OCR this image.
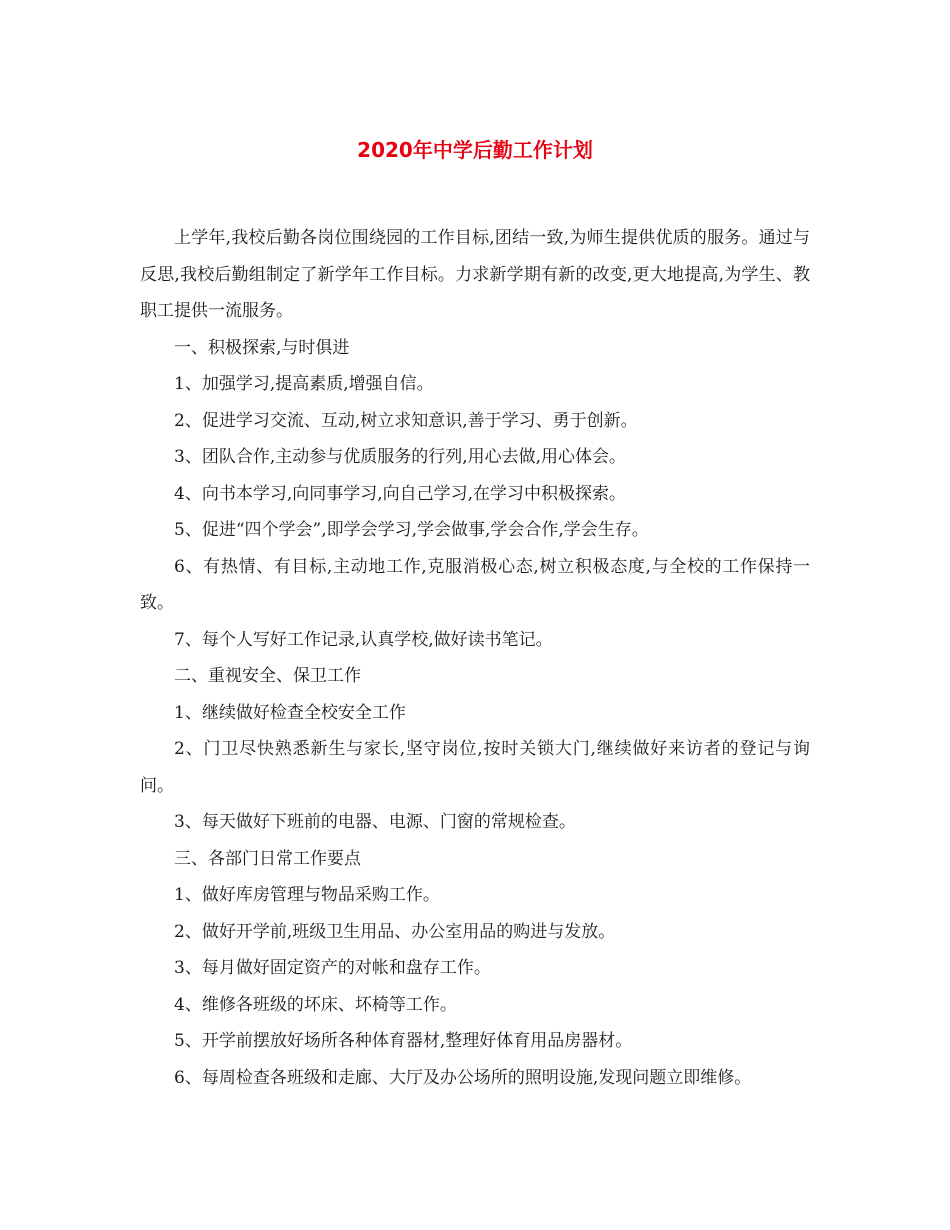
2020年中学后勤工作计划

上学年,我校后勤各岗位围绕园的工作目标,团结一致,为师生提供优质的服务。通过与反思,我校后勤组制定了新学年工作目标。力求新学期有新的改变,更大地提高,为学生、教职工提供一流服务。

一、积极探索,与时俱进

1、加强学习,提高素质,增强自信。

2、促进学习交流、互动,树立求知意识,善于学习、勇于创新。

3、团队合作,主动参与优质服务的行列,用心去做,用心体会。

4、向书本学习,向同事学习,向自己学习,在学习中积极探索。

5、促进“四个学会”,即学会学习,学会做事,学会合作,学会生存。

6、有热情、有目标,主动地工作,克服消极心态,树立积极态度,与全校的工作保持一致。

7、每个人写好工作记录,认真学校,做好读书笔记。

二、重视安全、保卫工作

1、继续做好检查全校安全工作

2、门卫尽快熟悉新生与家长,坚守岗位,按时关锁大门,继续做好来访者的登记与询问。

3、每天做好下班前的电器、电源、门窗的常规检查。

三、各部门日常工作要点

1、做好库房管理与物品采购工作。

2、做好开学前,班级卫生用品、办公室用品的购进与发放。

3、每月做好固定资产的对帐和盘存工作。

4、维修各班级的坏床、坏椅等工作。

5、开学前摆放好场所各种体育器材,整理好体育用品房器材。

6、每周检查各班级和走廊、大厅及办公场所的照明设施,发现问题立即维修。
